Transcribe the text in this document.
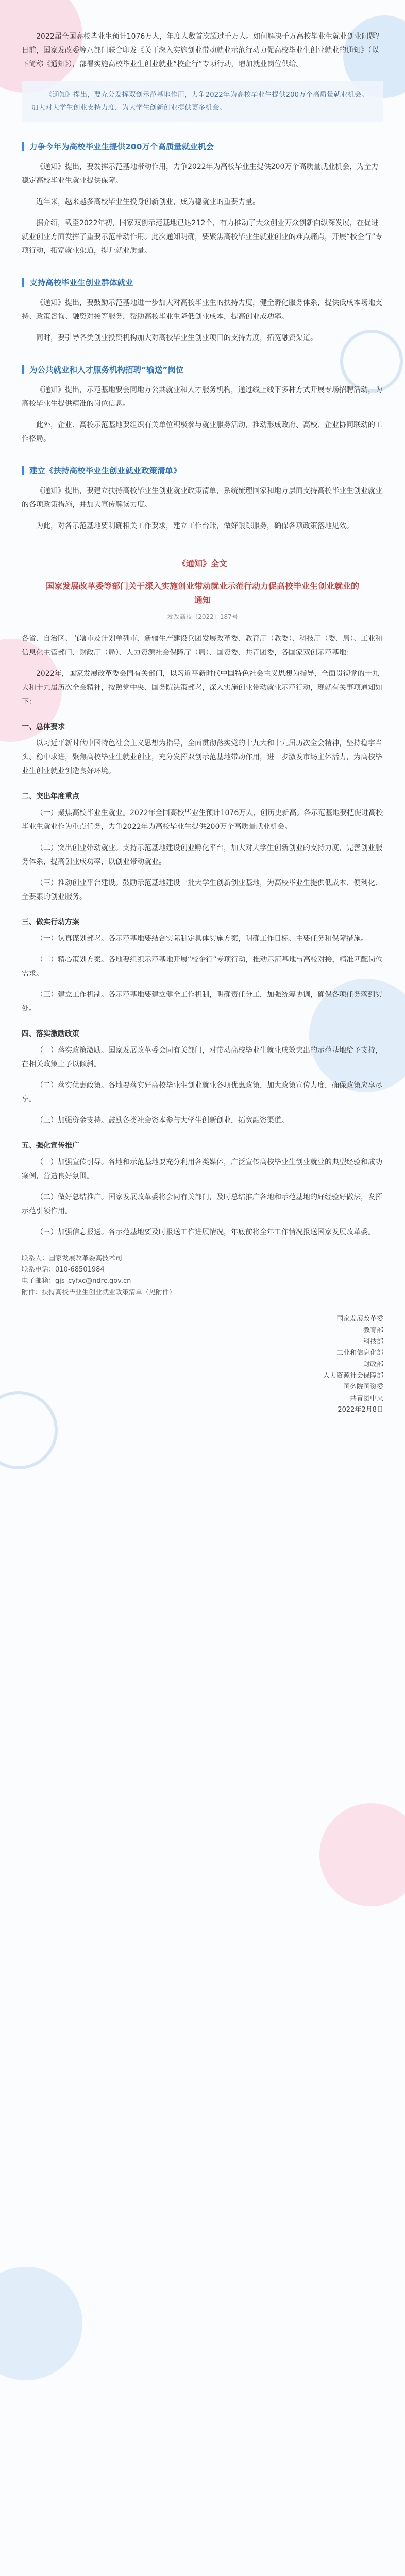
2022届全国高校毕业生预计1076万人，年度人数首次超过千万人。如何解决千万高校毕业生就业创业问题？日前，国家发改委等八部门联合印发《关于深入实施创业带动就业示范行动力促高校毕业生创业就业的通知》（以下简称《通知》），部署实施高校毕业生创业就业“校企行”专项行动，增加就业岗位供给。

《通知》提出，要充分发挥双创示范基地作用，力争2022年为高校毕业生提供200万个高质量就业机会。加大对大学生创业支持力度，为大学生创新创业提供更多机会。
力争今年为高校毕业生提供200万个高质量就业机会

《通知》提出，要发挥示范基地带动作用，力争2022年为高校毕业生提供200万个高质量就业机会，为全力稳定高校毕业生就业提供保障。

近年来，越来越多高校毕业生投身创新创业，成为稳就业的重要力量。

据介绍，截至2022年初，国家双创示范基地已达212个，有力推动了大众创业万众创新向纵深发展，在促进就业创业方面发挥了重要示范带动作用。此次通知明确，要聚焦高校毕业生就业创业的难点痛点，开展“校企行”专项行动，拓宽就业渠道，提升就业质量。

支持高校毕业生创业群体就业

《通知》提出，要鼓励示范基地进一步加大对高校毕业生的扶持力度，健全孵化服务体系，提供低成本场地支持、政策咨询、融资对接等服务，帮助高校毕业生降低创业成本，提高创业成功率。

同时，要引导各类创业投资机构加大对高校毕业生创业项目的支持力度，拓宽融资渠道。

为公共就业和人才服务机构招聘“输送”岗位

《通知》提出，示范基地要会同地方公共就业和人才服务机构，通过线上线下多种方式开展专场招聘活动，为高校毕业生提供精准的岗位信息。

此外，企业、高校示范基地要组织有关单位积极参与就业服务活动，推动形成政府、高校、企业协同联动的工作格局。

建立《扶持高校毕业生创业就业政策清单》

《通知》提出，要建立扶持高校毕业生创业就业政策清单，系统梳理国家和地方层面支持高校毕业生创业就业的各项政策措施，并加大宣传解读力度。

为此，对各示范基地要明确相关工作要求，建立工作台账，做好跟踪服务，确保各项政策落地见效。

《通知》全文
国家发展改革委等部门关于深入实施创业带动就业示范行动力促高校毕业生创业就业的通知
发改高技〔2022〕187号

各省、自治区、直辖市及计划单列市、新疆生产建设兵团发展改革委、教育厅（教委）、科技厅（委、局）、工业和信息化主管部门、财政厅（局）、人力资源社会保障厅（局）、国资委、共青团委，各国家双创示范基地：

2022年，国家发展改革委会同有关部门，以习近平新时代中国特色社会主义思想为指导，全面贯彻党的十九大和十九届历次全会精神，按照党中央、国务院决策部署，深入实施创业带动就业示范行动，现就有关事项通知如下：

一、总体要求

以习近平新时代中国特色社会主义思想为指导，全面贯彻落实党的十九大和十九届历次全会精神，坚持稳字当头、稳中求进，聚焦高校毕业生就业创业，充分发挥双创示范基地带动作用，进一步激发市场主体活力，为高校毕业生创业就业创造良好环境。

二、突出年度重点

（一）聚焦高校毕业生就业。2022年全国高校毕业生预计1076万人，创历史新高。各示范基地要把促进高校毕业生就业作为重点任务，力争2022年为高校毕业生提供200万个高质量就业机会。

（二）突出创业带动就业。支持示范基地建设创业孵化平台，加大对大学生创新创业的支持力度，完善创业服务体系，提高创业成功率，以创业带动就业。

（三）推动创业平台建设。鼓励示范基地建设一批大学生创新创业基地，为高校毕业生提供低成本、便利化、全要素的创业服务。

三、做实行动方案

（一）认真谋划部署。各示范基地要结合实际制定具体实施方案，明确工作目标、主要任务和保障措施。

（二）精心策划方案。各地要组织示范基地开展“校企行”专项行动，推动示范基地与高校对接，精准匹配岗位需求。

（三）建立工作机制。各示范基地要建立健全工作机制，明确责任分工，加强统筹协调，确保各项任务落到实处。

四、落实激励政策

（一）落实政策激励。国家发展改革委会同有关部门，对带动高校毕业生就业成效突出的示范基地给予支持，在相关政策上予以倾斜。

（二）落实优惠政策。各地要落实好高校毕业生创业就业各项优惠政策，加大政策宣传力度，确保政策应享尽享。

（三）加强资金支持。鼓励各类社会资本参与大学生创新创业，拓宽融资渠道。

五、强化宣传推广

（一）加强宣传引导。各地和示范基地要充分利用各类媒体，广泛宣传高校毕业生创业就业的典型经验和成功案例，营造良好氛围。

（二）做好总结推广。国家发展改革委将会同有关部门，及时总结推广各地和示范基地的好经验好做法，发挥示范引领作用。

（三）加强信息报送。各示范基地要及时报送工作进展情况，年底前将全年工作情况报送国家发展改革委。

联系人：国家发展改革委高技术司
联系电话：010-68501984
电子邮箱：gjs_cyfxc@ndrc.gov.cn
附件：扶持高校毕业生创业就业政策清单（见附件）
国家发展改革委
教育部
科技部
工业和信息化部
财政部
人力资源社会保障部
国务院国资委
共青团中央
2022年2月8日
